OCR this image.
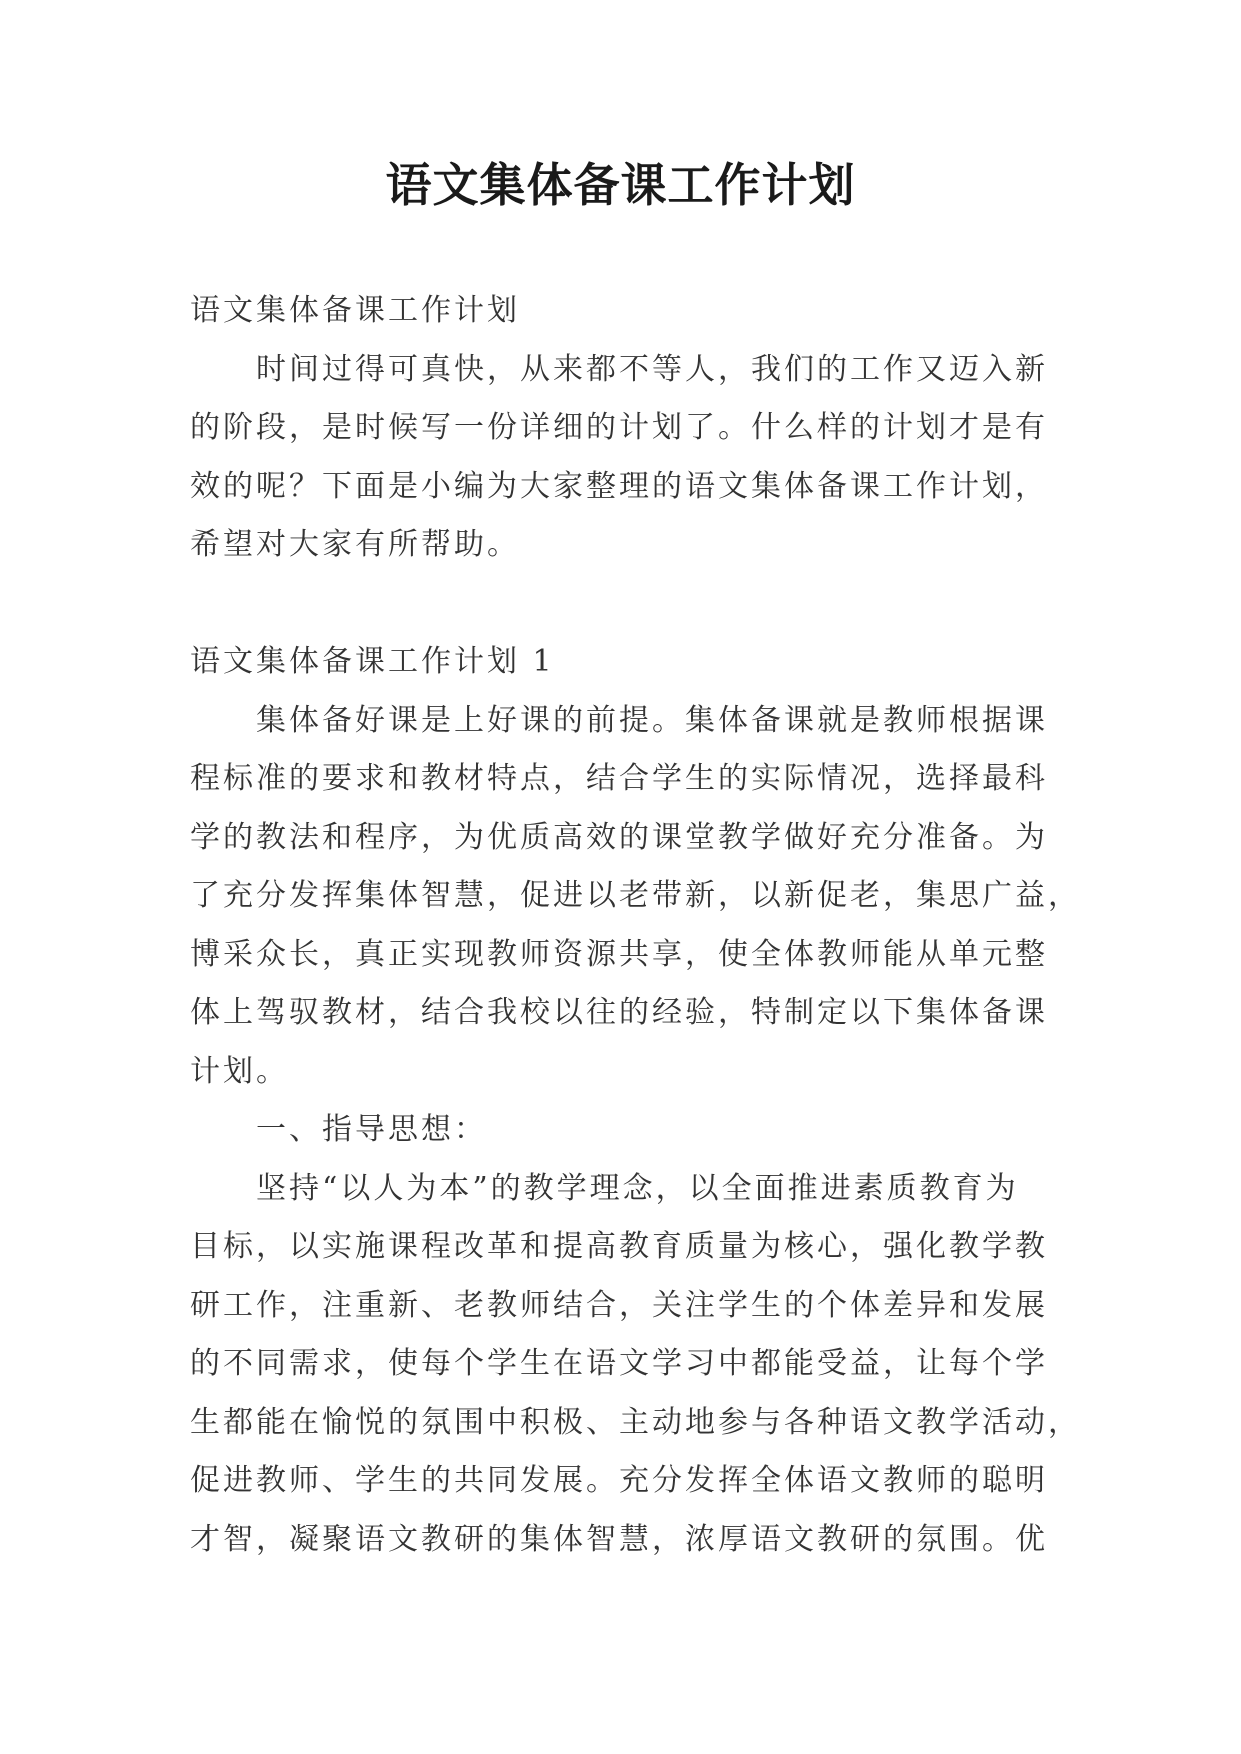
语文集体备课工作计划

语文集体备课工作计划

时间过得可真快，从来都不等人，我们的工作又迈入新

的阶段，是时候写一份详细的计划了。什么样的计划才是有

效的呢？下面是小编为大家整理的语文集体备课工作计划，

希望对大家有所帮助。

语文集体备课工作计划 1

集体备好课是上好课的前提。集体备课就是教师根据课

程标准的要求和教材特点，结合学生的实际情况，选择最科

学的教法和程序，为优质高效的课堂教学做好充分准备。为

了充分发挥集体智慧，促进以老带新，以新促老，集思广益，

博采众长，真正实现教师资源共享，使全体教师能从单元整

体上驾驭教材，结合我校以往的经验，特制定以下集体备课

计划。

一、指导思想：

坚持“以人为本”的教学理念，以全面推进素质教育为

目标，以实施课程改革和提高教育质量为核心，强化教学教

研工作，注重新、老教师结合，关注学生的个体差异和发展

的不同需求，使每个学生在语文学习中都能受益，让每个学

生都能在愉悦的氛围中积极、主动地参与各种语文教学活动，

促进教师、学生的共同发展。充分发挥全体语文教师的聪明

才智，凝聚语文教研的集体智慧，浓厚语文教研的氛围。优
